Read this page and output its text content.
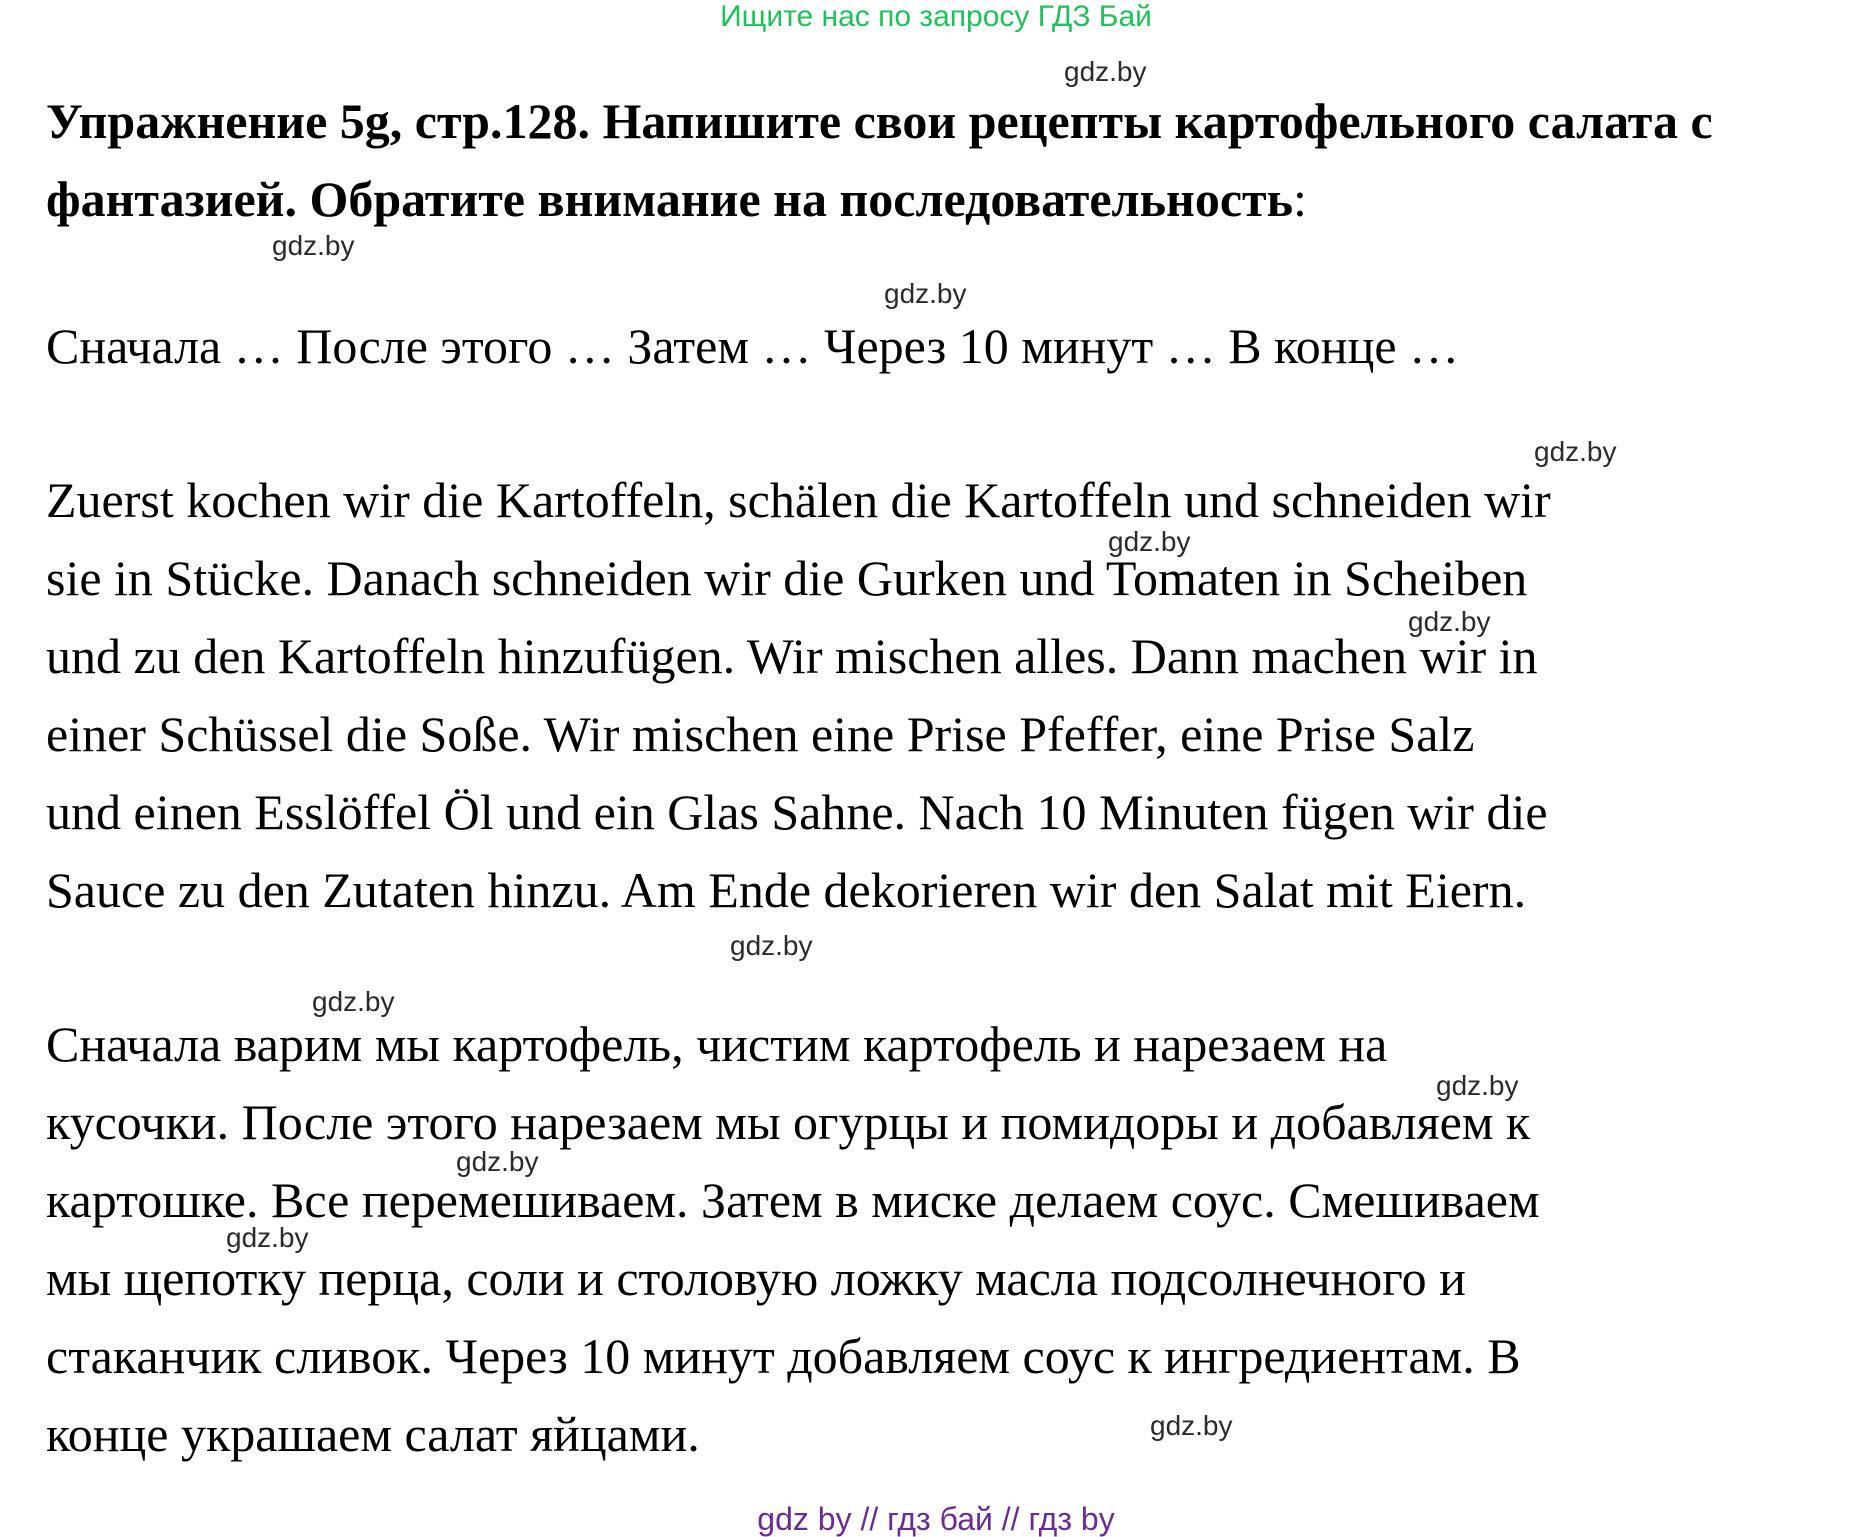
Ищите нас по запросу ГДЗ Бай
Упражнение 5g, стр.128. Напишите свои рецепты картофельного салата с фантазией. Обратите внимание на последовательность:
Сначала … После этого … Затем … Через 10 минут … В конце …
Zuerst kochen wir die Kartoffeln, schälen die Kartoffeln und schneiden wir
sie in Stücke. Danach schneiden wir die Gurken und Tomaten in Scheiben
und zu den Kartoffeln hinzufügen. Wir mischen alles. Dann machen wir in
einer Schüssel die Soße. Wir mischen eine Prise Pfeffer, eine Prise Salz
und einen Esslöffel Öl und ein Glas Sahne. Nach 10 Minuten fügen wir die
Sauce zu den Zutaten hinzu. Am Ende dekorieren wir den Salat mit Eiern.
Сначала варим мы картофель, чистим картофель и нарезаем на
кусочки. После этого нарезаем мы огурцы и помидоры и добавляем к
картошке. Все перемешиваем. Затем в миске делаем соус. Смешиваем
мы щепотку перца, соли и столовую ложку масла подсолнечного и
стаканчик сливок. Через 10 минут добавляем соус к ингредиентам. В
конце украшаем салат яйцами.
gdz.by
gdz.by
gdz.by
gdz.by
gdz.by
gdz.by
gdz.by
gdz.by
gdz.by
gdz.by
gdz.by
gdz.by
gdz by // гдз бай // гдз by
